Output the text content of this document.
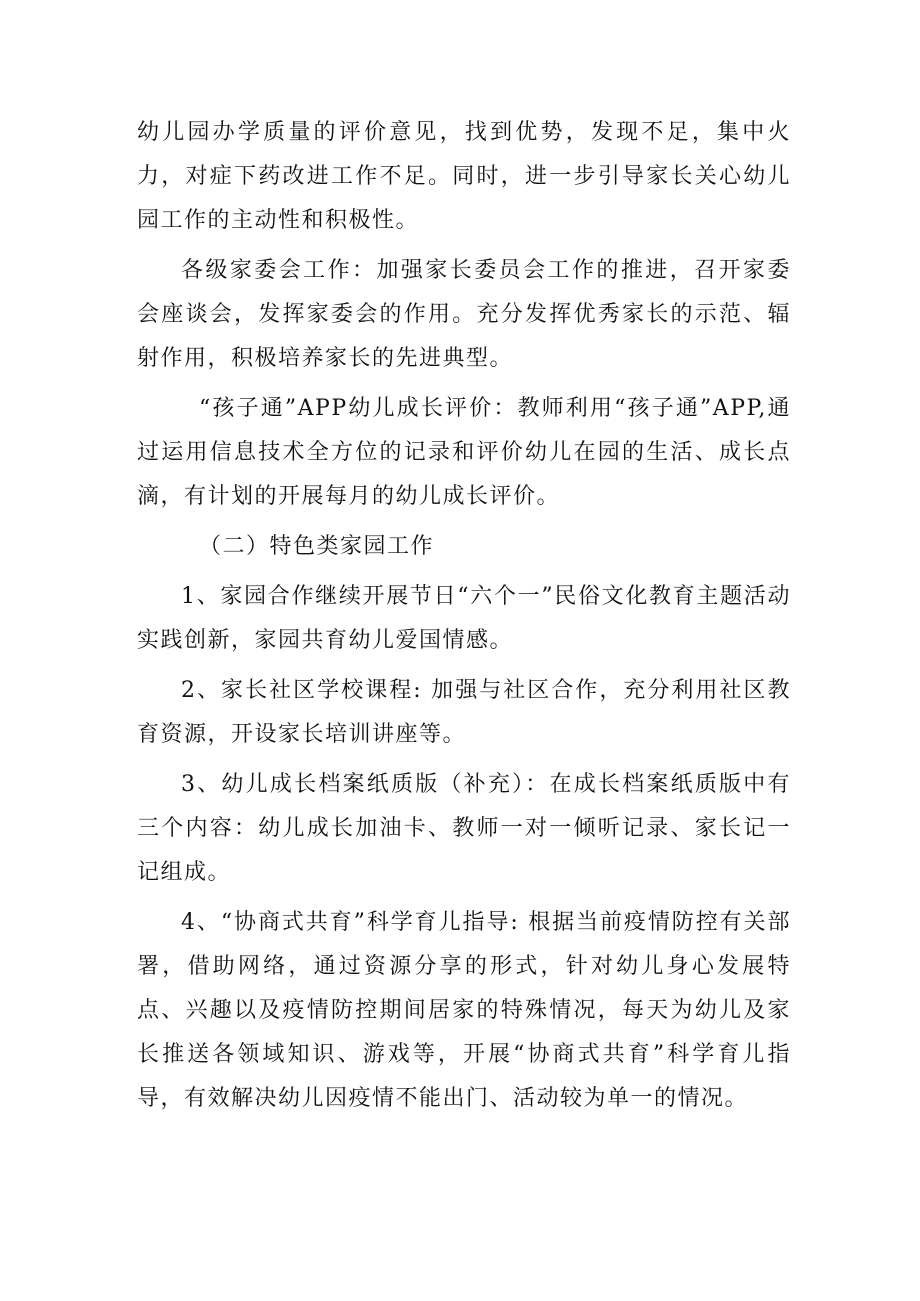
幼儿园办学质量的评价意见，找到优势，发现不足，集中火力，对症下药改进工作不足。同时，进一步引导家长关心幼儿园工作的主动性和积极性。

各级家委会工作：加强家长委员会工作的推进，召开家委会座谈会，发挥家委会的作用。充分发挥优秀家长的示范、辐射作用，积极培养家长的先进典型。

“孩子通”APP幼儿成长评价：教师利用“孩子通”APP,通过运用信息技术全方位的记录和评价幼儿在园的生活、成长点滴，有计划的开展每月的幼儿成长评价。

（二）特色类家园工作

1、家园合作继续开展节日“六个一”民俗文化教育主题活动实践创新，家园共育幼儿爱国情感。

2、家长社区学校课程: 加强与社区合作，充分利用社区教育资源，开设家长培训讲座等。

3、幼儿成长档案纸质版（补充）：在成长档案纸质版中有三个内容：幼儿成长加油卡、教师一对一倾听记录、家长记一记组成。

4、“协商式共育”科学育儿指导: 根据当前疫情防控有关部署，借助网络，通过资源分享的形式，针对幼儿身心发展特点、兴趣以及疫情防控期间居家的特殊情况，每天为幼儿及家长推送各领域知识、游戏等，开展“协商式共育”科学育儿指导，有效解决幼儿因疫情不能出门、活动较为单一的情况。
